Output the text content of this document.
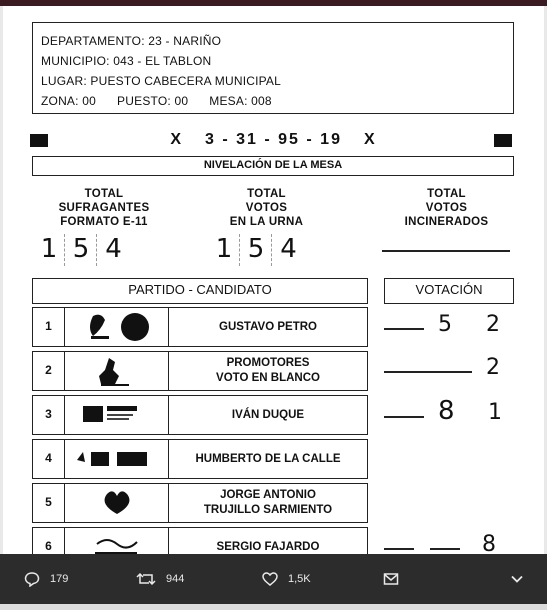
DEPARTAMENTO: 23 - NARIÑO
MUNICIPIO: 043 - EL TABLON
LUGAR: PUESTO CABECERA MUNICIPAL
ZONA: 00 PUESTO: 00 MESA: 008
X 3 - 31 - 95 - 19 X
NIVELACIÓN DE LA MESA
TOTAL
SUFRAGANTES
FORMATO E-11
TOTAL
VOTOS
EN LA URNA
TOTAL
VOTOS
INCINERADOS
1 5 4	1 5 4
PARTIDO - CANDIDATO	VOTACIÓN
1	GUSTAVO PETRO	5 2
2	PROMOTORES
VOTO EN BLANCO	2
3	IVÁN DUQUE	8 1
4	HUMBERTO DE LA CALLE
5	JORGE ANTONIO
TRUJILLO SARMIENTO
6	SERGIO FAJARDO	8
179	944	1,5K
